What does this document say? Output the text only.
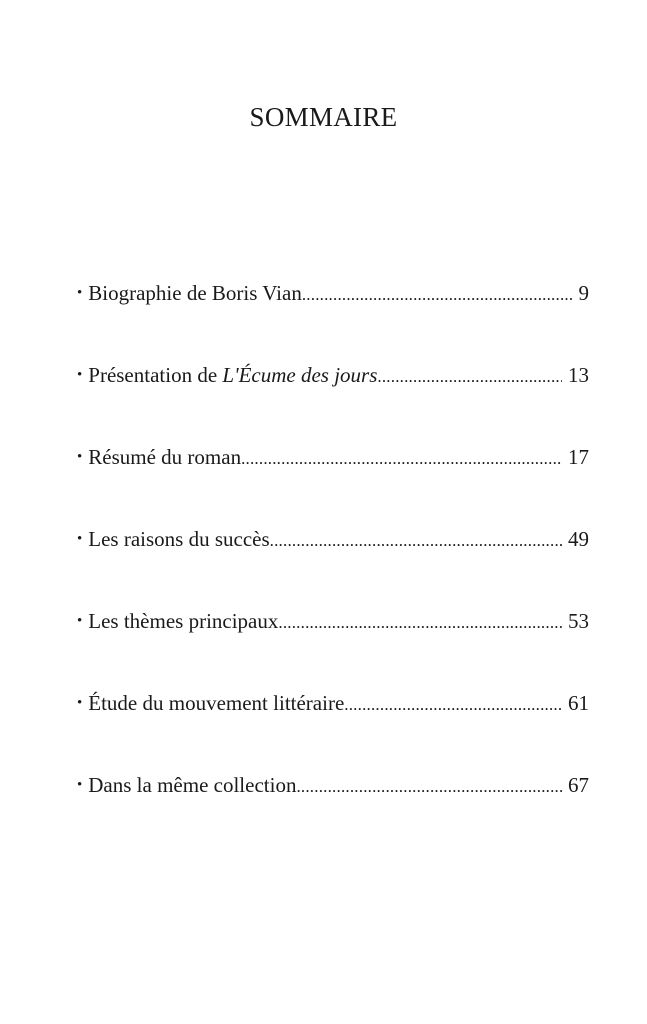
SOMMAIRE
• Biographie de Boris Vian .....	9
• Présentation de L'Écume des jours .....	13
• Résumé du roman .....	17
• Les raisons du succès .....	49
• Les thèmes principaux .....	53
• Étude du mouvement littéraire .....	61
• Dans la même collection .....	67
